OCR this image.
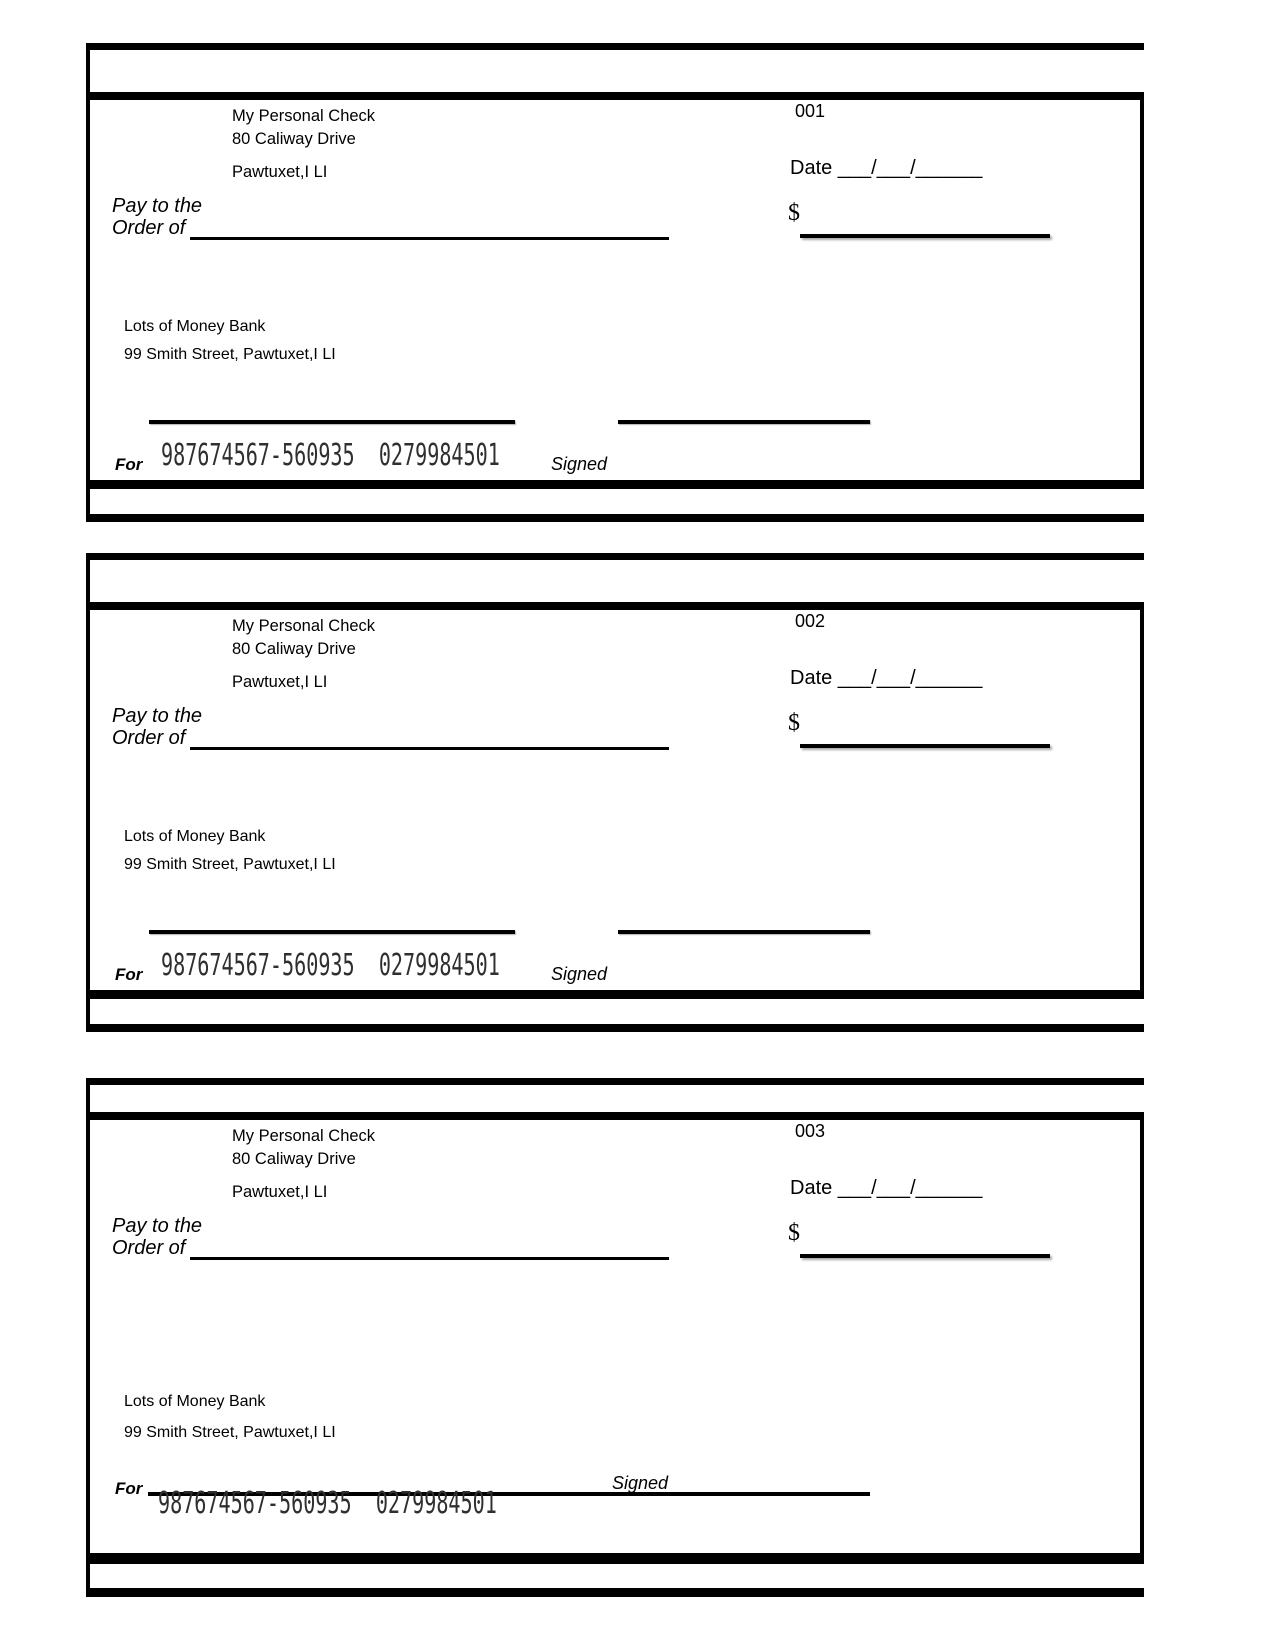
My Personal Check
80 Caliway Drive
Pawtuxet,I LI
001
Date ___/___/______
Pay to the
Order of
$
Lots of Money Bank
99 Smith Street, Pawtuxet,I LI
For 987674567-560935  0279984501	Signed
My Personal Check
80 Caliway Drive
Pawtuxet,I LI
002
Date ___/___/______
Pay to the
Order of
$
Lots of Money Bank
99 Smith Street, Pawtuxet,I LI
For 987674567-560935  0279984501	Signed
My Personal Check
80 Caliway Drive
Pawtuxet,I LI
003
Date ___/___/______
Pay to the
Order of
$
Lots of Money Bank
99 Smith Street, Pawtuxet,I LI
For 987674567-560935  0279984501
Signed
